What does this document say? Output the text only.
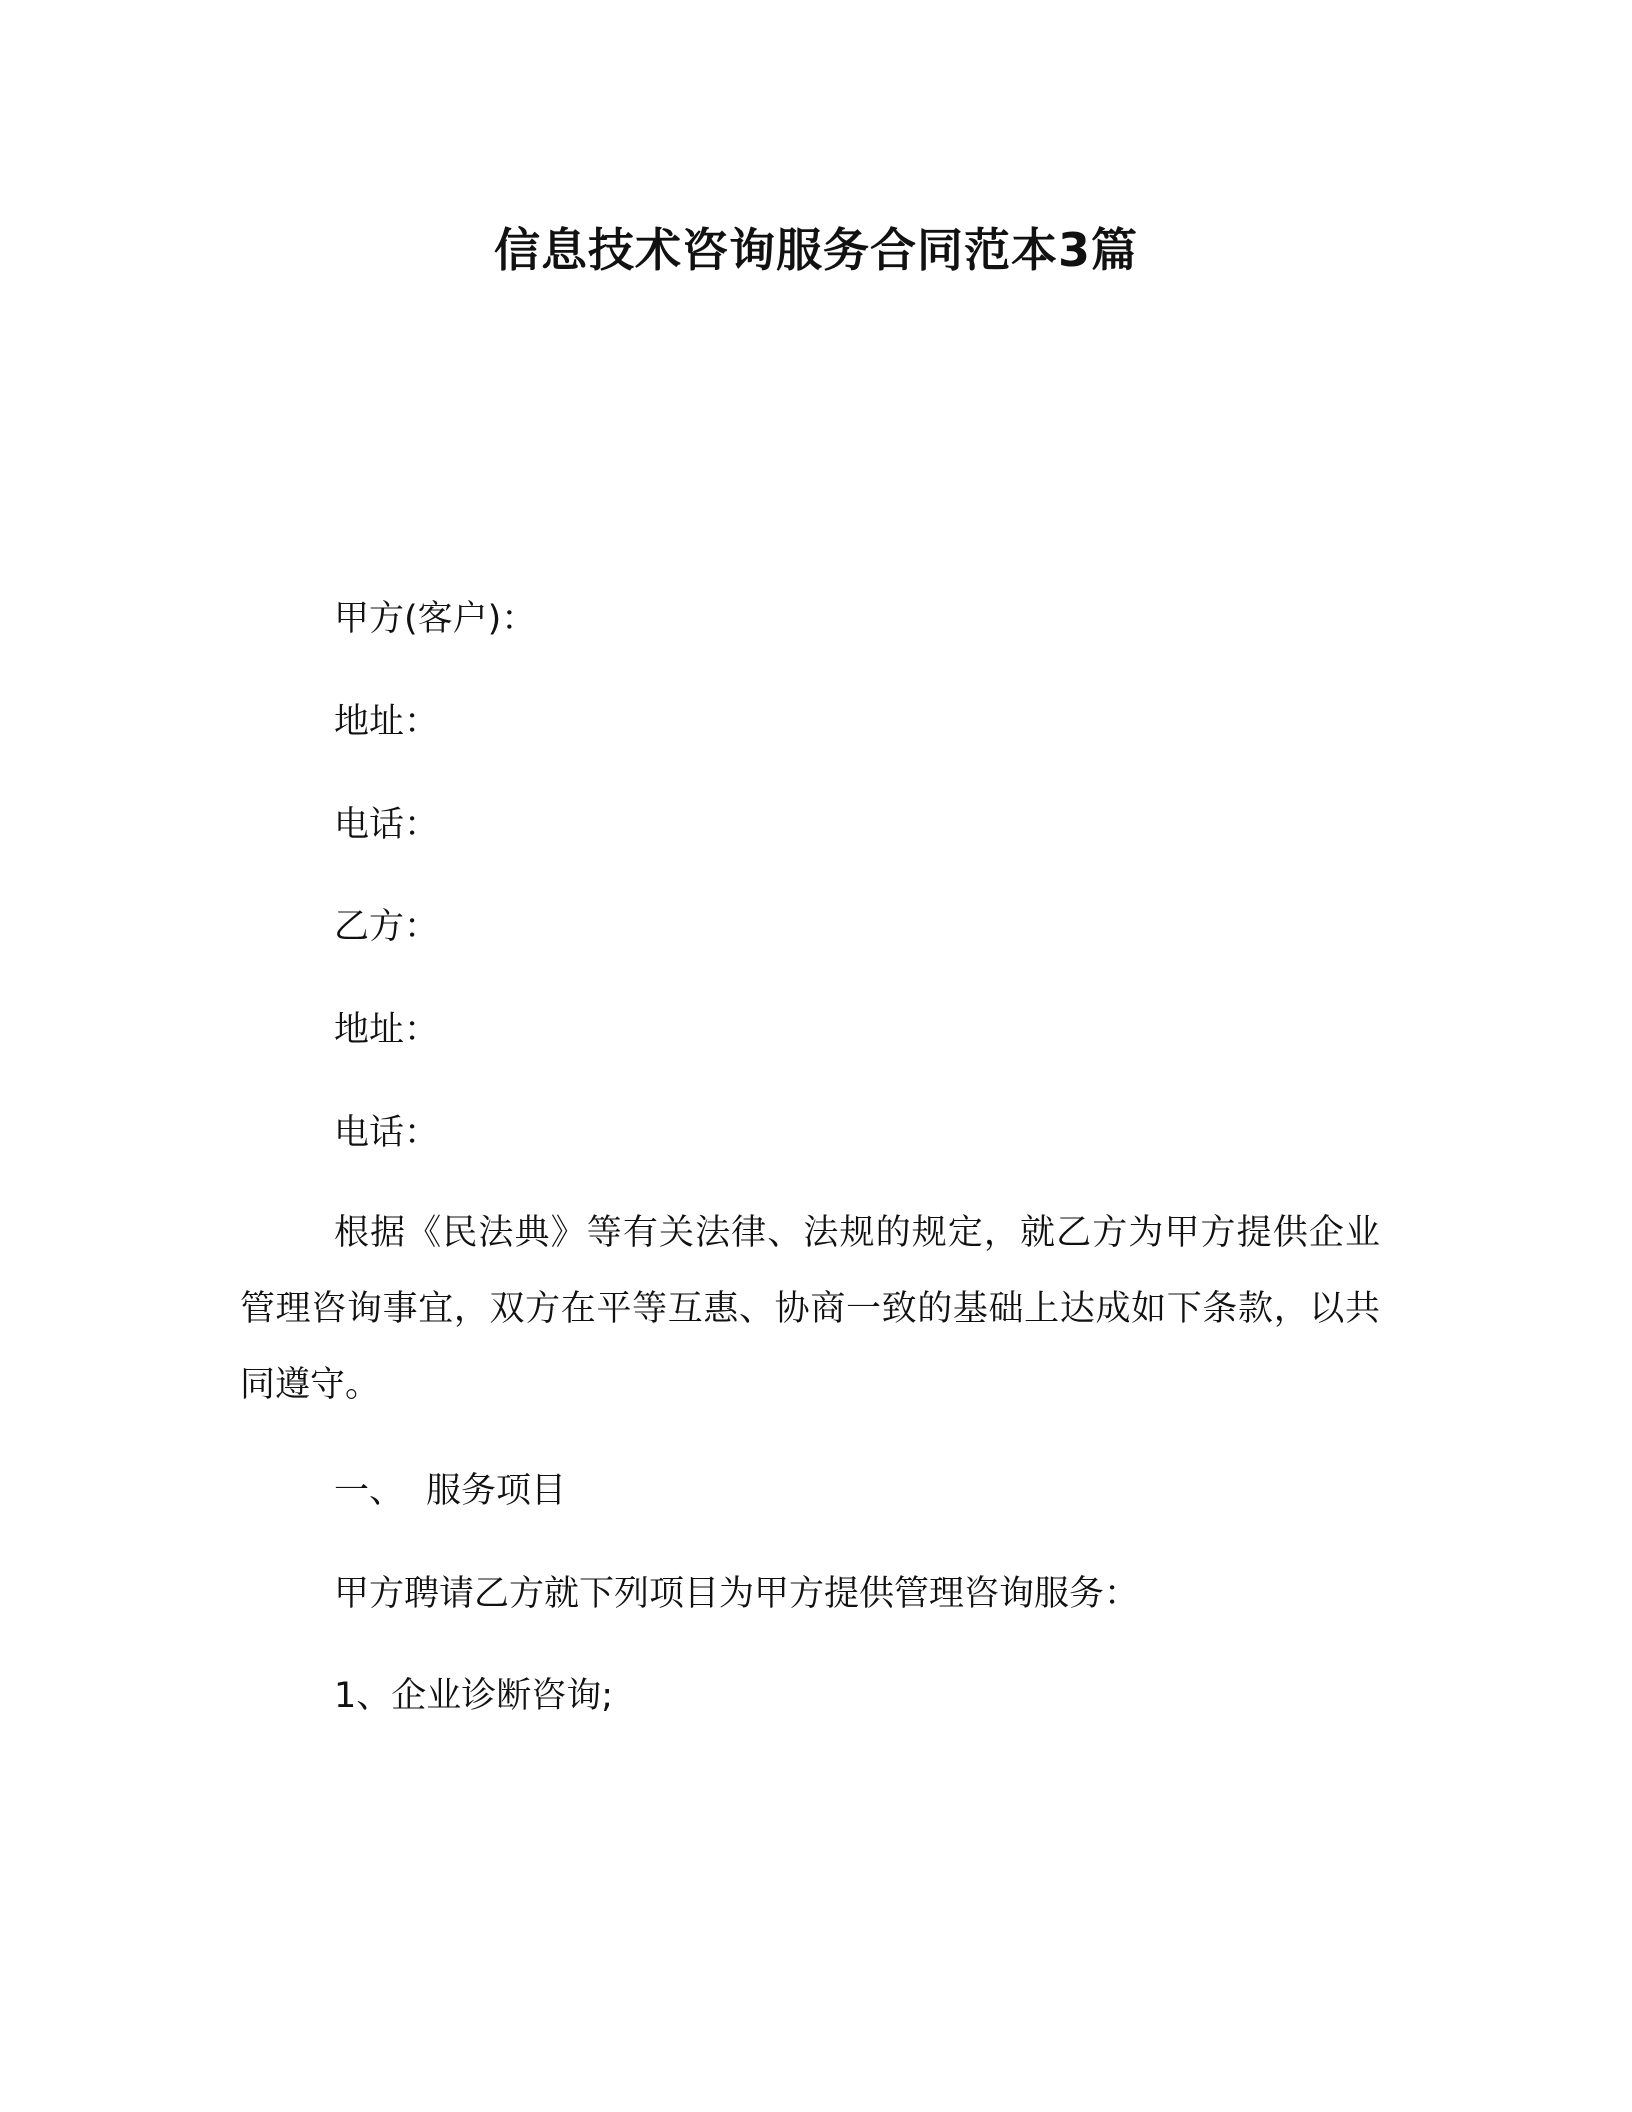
信息技术咨询服务合同范本3篇
甲方(客户)：
地址：
电话：
乙方：
地址：
电话：
根据《民法典》等有关法律、法规的规定，就乙方为甲方提供企业管理咨询事宜，双方在平等互惠、协商一致的基础上达成如下条款，以共同遵守。
一、 服务项目
甲方聘请乙方就下列项目为甲方提供管理咨询服务：
1、企业诊断咨询;
